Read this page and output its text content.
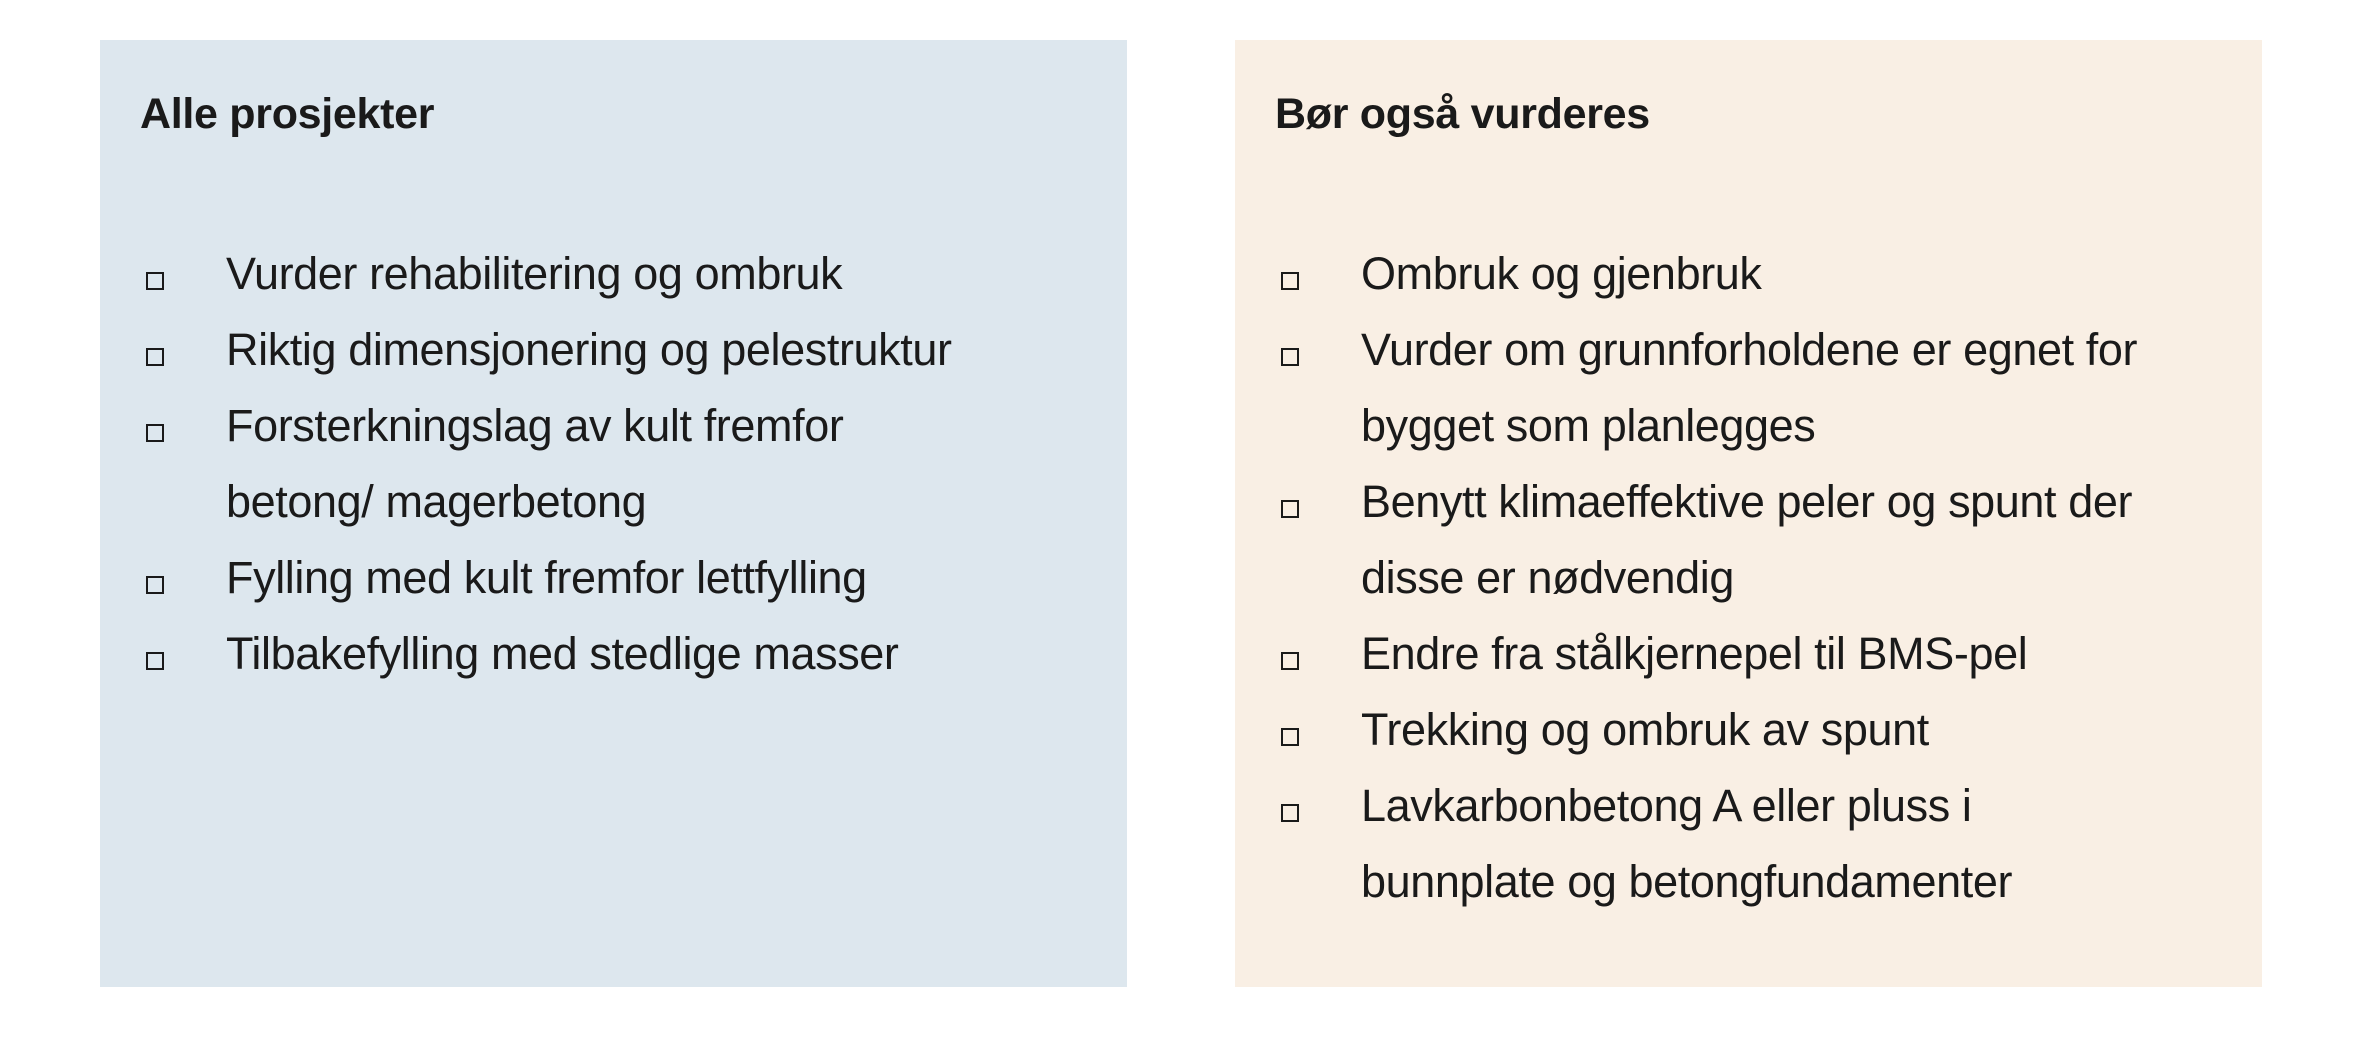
Alle prosjekter
Vurder rehabilitering og ombruk
Riktig dimensjonering og pelestruktur
Forsterkningslag av kult fremfor betong/ magerbetong
Fylling med kult fremfor lettfylling
Tilbakefylling med stedlige masser
Bør også vurderes
Ombruk og gjenbruk
Vurder om grunnforholdene er egnet for bygget som planlegges
Benytt klimaeffektive peler og spunt der disse er nødvendig
Endre fra stålkjernepel til BMS-pel
Trekking og ombruk av spunt
Lavkarbonbetong A eller pluss i bunnplate og betongfundamenter
